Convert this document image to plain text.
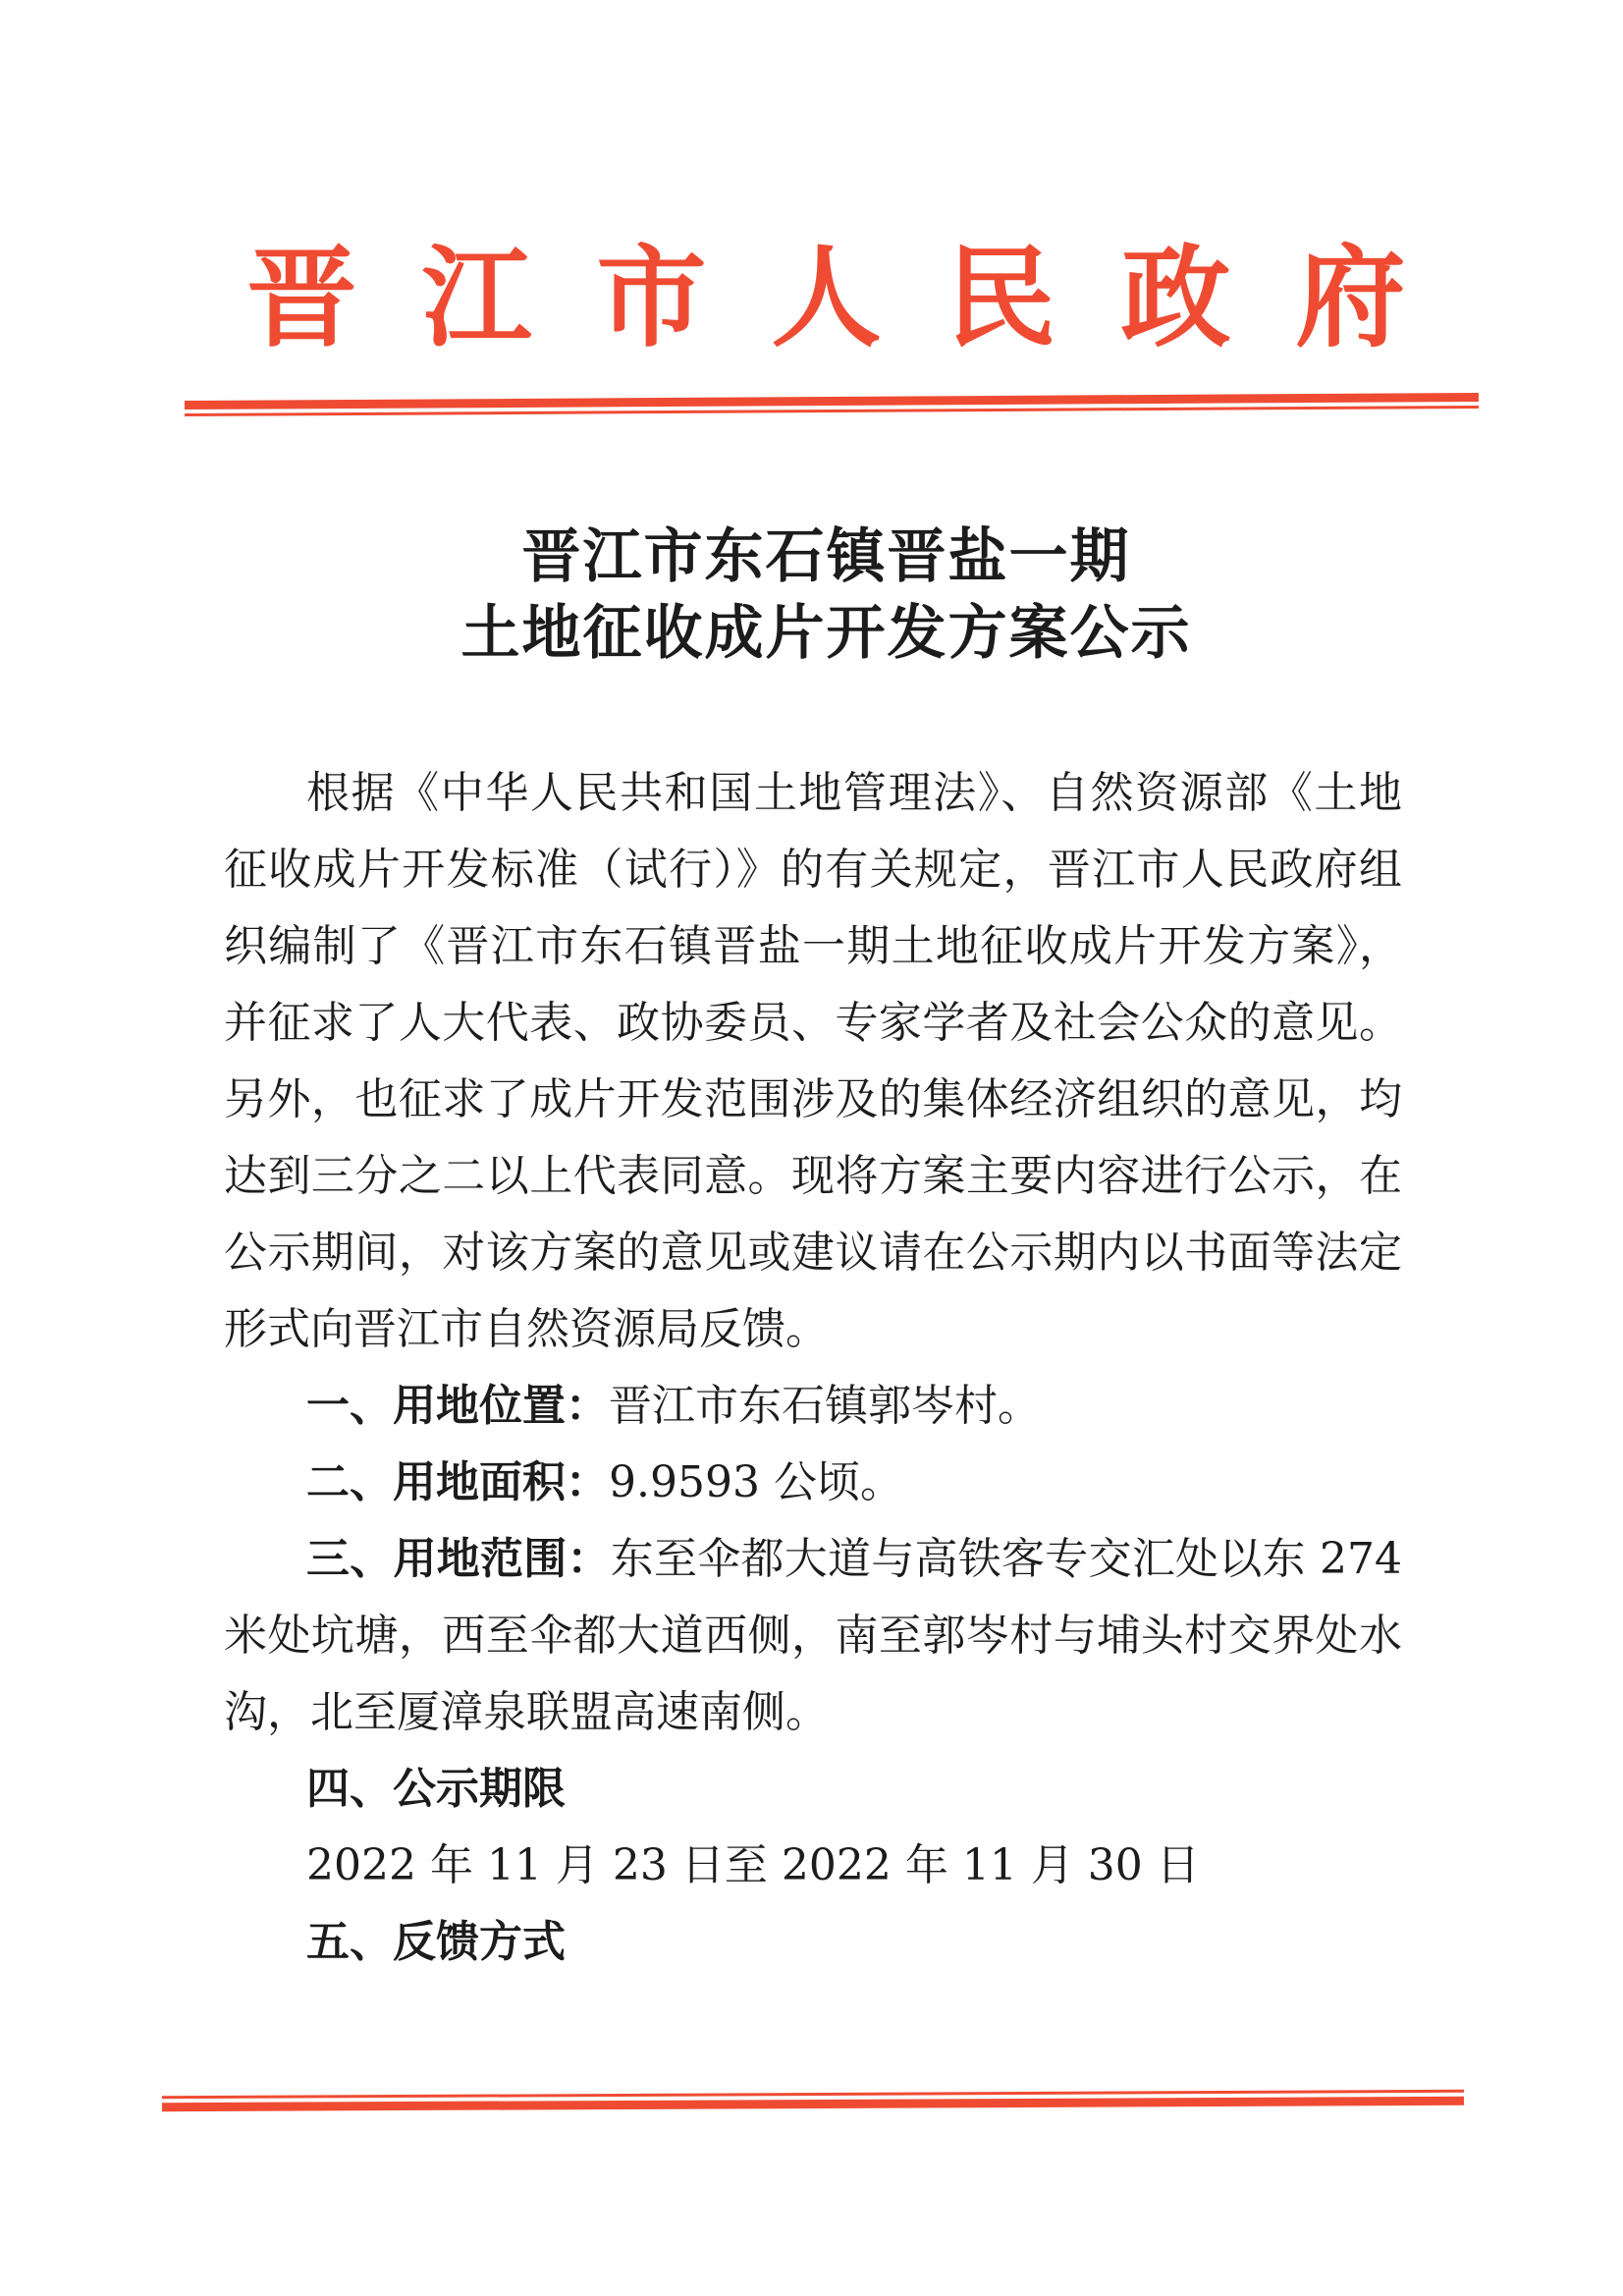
晋江市人民政府
晋江市东石镇晋盐一期
土地征收成片开发方案公示
根据《中华人民共和国土地管理法》、自然资源部《土地
征收成片开发标准（试行）》的有关规定，晋江市人民政府组
织编制了《晋江市东石镇晋盐一期土地征收成片开发方案》，
并征求了人大代表、政协委员、专家学者及社会公众的意见。
另外，也征求了成片开发范围涉及的集体经济组织的意见，均
达到三分之二以上代表同意。现将方案主要内容进行公示，在
公示期间，对该方案的意见或建议请在公示期内以书面等法定
形式向晋江市自然资源局反馈。
一、用地位置：晋江市东石镇郭岑村。
二、用地面积：9.9593 公顷。
三、用地范围：东至伞都大道与高铁客专交汇处以东 274
米处坑塘，西至伞都大道西侧，南至郭岑村与埔头村交界处水
沟，北至厦漳泉联盟高速南侧。
四、公示期限
2022 年 11 月 23 日至 2022 年 11 月 30 日
五、反馈方式
